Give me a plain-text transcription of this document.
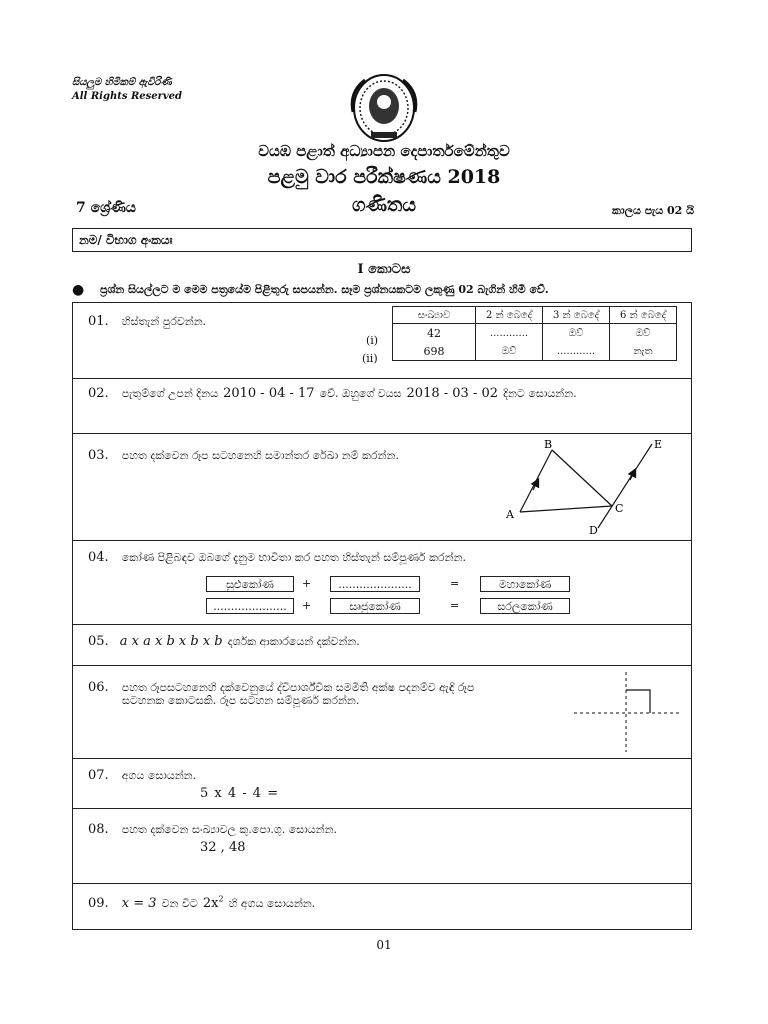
සියලුම හිමිකම් ඇවිරිණි
All Rights Reserved
වයඹ පළාත් අධ්‍යාපන දෙපාර්තමේන්තුව
පළමු වාර පරීක්ෂණය 2018
7 ශ්‍රේණිය	ගණිතය	කාලය පැය 02 යි
නම/ විභාග අංකයඃ
I කොටස
● ප්‍රශ්න සියල්ලට ම මෙම පත්‍රයේම පිළිතුරු සපයන්න. සෑම ප්‍රශ්නයකටම ලකුණු 02 බැගින් හිමි වේ.
01. හිස්තැන් පුරවන්න.
(i)
(ii)
සංඛ්‍යාව	2 න් බෙදේ	3 න් බෙදේ	6 න් බෙදේ
42	............	ඔව්	ඔව්
698	ඔව්	............	නැත
02. පැතුම්ගේ උපන් දිනය 2010 - 04 - 17 වේ. ඔහුගේ වයස 2018 - 03 - 02 දිනට සොයන්න.
03. පහත දක්වෙන රූප සටහනෙහි සමාන්තර රේඛා නම් කරන්න.
A
B
C
D
E
04. කෝණ පිළිබඳව ඔබගේ දැනුම භාවිතා කර පහත හිස්තැන් සම්පූර්ණ කරන්න.
සුළුකෝණ	+	.....................	=	මහාකෝණ
.....................	+	සෘජුකෝණ	=	සරලකෝණ
05. a x a x b x b x b දර්ශක ආකාරයෙන් දක්වන්න.
06. පහත රූපසටහනෙහි දක්වෙනුයේ ද්විපාර්ශ්වික සමමිති අක්ෂ පදනම්ව ඇඳි රූප
සටහනක කොටසකි. රූප සටහන සම්පූර්ණ කරන්න.
07. අගය සොයන්න.
5 x 4 - 4 =
08. පහත දක්වෙන සංඛ්‍යාවල කු.පො.ගු. සොයන්න.
32 , 48
09. x = 3 වන විට $2x^2$ හි අගය සොයන්න.
01
